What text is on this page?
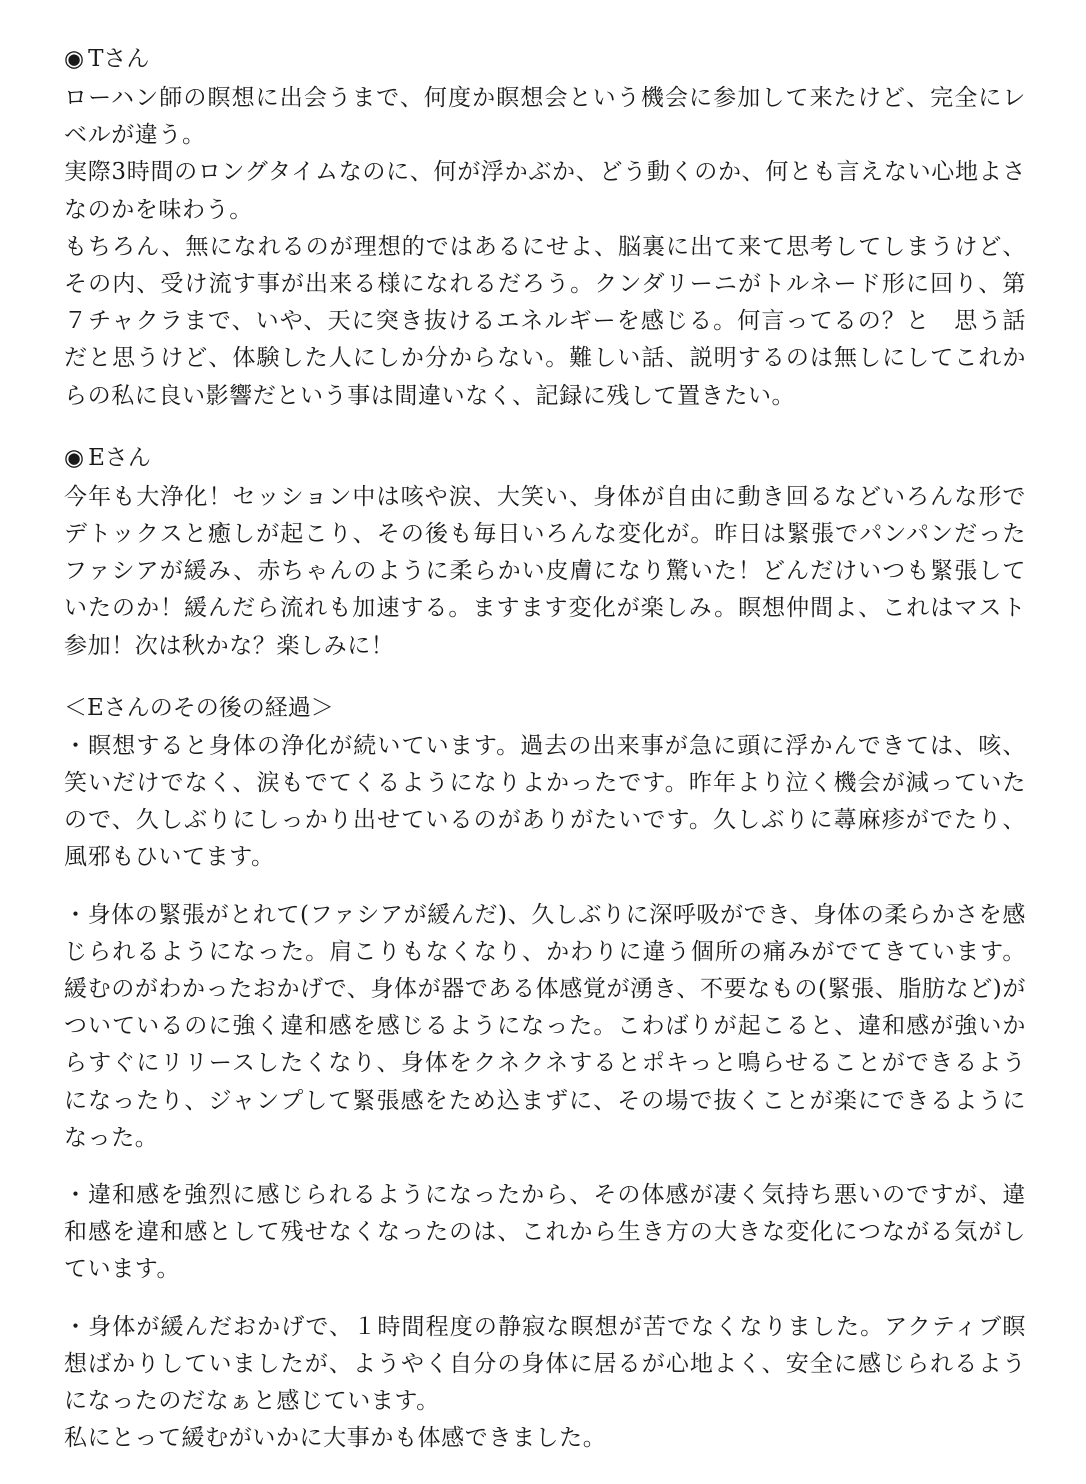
◉ Tさん

ローハン師の瞑想に出会うまで、何度か瞑想会という機会に参加して来たけど、完全にレベルが違う。

実際3時間のロングタイムなのに、何が浮かぶか、どう動くのか、何とも言えない心地よさなのかを味わう。

もちろん、無になれるのが理想的ではあるにせよ、脳裏に出て来て思考してしまうけど、その内、受け流す事が出来る様になれるだろう。クンダリーニがトルネード形に回り、第７チャクラまで、いや、天に突き抜けるエネルギーを感じる。何言ってるの？と　思う話だと思うけど、体験した人にしか分からない。難しい話、説明するのは無しにしてこれからの私に良い影響だという事は間違いなく、記録に残して置きたい。

◉ Eさん

今年も大浄化！セッション中は咳や涙、大笑い、身体が自由に動き回るなどいろんな形でデトックスと癒しが起こり、その後も毎日いろんな変化が。昨日は緊張でパンパンだったファシアが緩み、赤ちゃんのように柔らかい皮膚になり驚いた！どんだけいつも緊張していたのか！緩んだら流れも加速する。ますます変化が楽しみ。瞑想仲間よ、これはマスト参加！次は秋かな？楽しみに！

＜Eさんのその後の経過＞

・瞑想すると身体の浄化が続いています。過去の出来事が急に頭に浮かんできては、咳、笑いだけでなく、涙もでてくるようになりよかったです。昨年より泣く機会が減っていたので、久しぶりにしっかり出せているのがありがたいです。久しぶりに蕁麻疹がでたり、風邪もひいてます。

・身体の緊張がとれて(ファシアが緩んだ)、久しぶりに深呼吸ができ、身体の柔らかさを感じられるようになった。肩こりもなくなり、かわりに違う個所の痛みがでてきています。緩むのがわかったおかげで、身体が器である体感覚が湧き、不要なもの(緊張、脂肪など)がついているのに強く違和感を感じるようになった。こわばりが起こると、違和感が強いからすぐにリリースしたくなり、身体をクネクネするとポキっと鳴らせることができるようになったり、ジャンプして緊張感をため込まずに、その場で抜くことが楽にできるようになった。

・違和感を強烈に感じられるようになったから、その体感が凄く気持ち悪いのですが、違和感を違和感として残せなくなったのは、これから生き方の大きな変化につながる気がしています。

・身体が緩んだおかげで、１時間程度の静寂な瞑想が苦でなくなりました。アクティブ瞑想ばかりしていましたが、ようやく自分の身体に居るが心地よく、安全に感じられるようになったのだなぁと感じています。

私にとって緩むがいかに大事かも体感できました。
